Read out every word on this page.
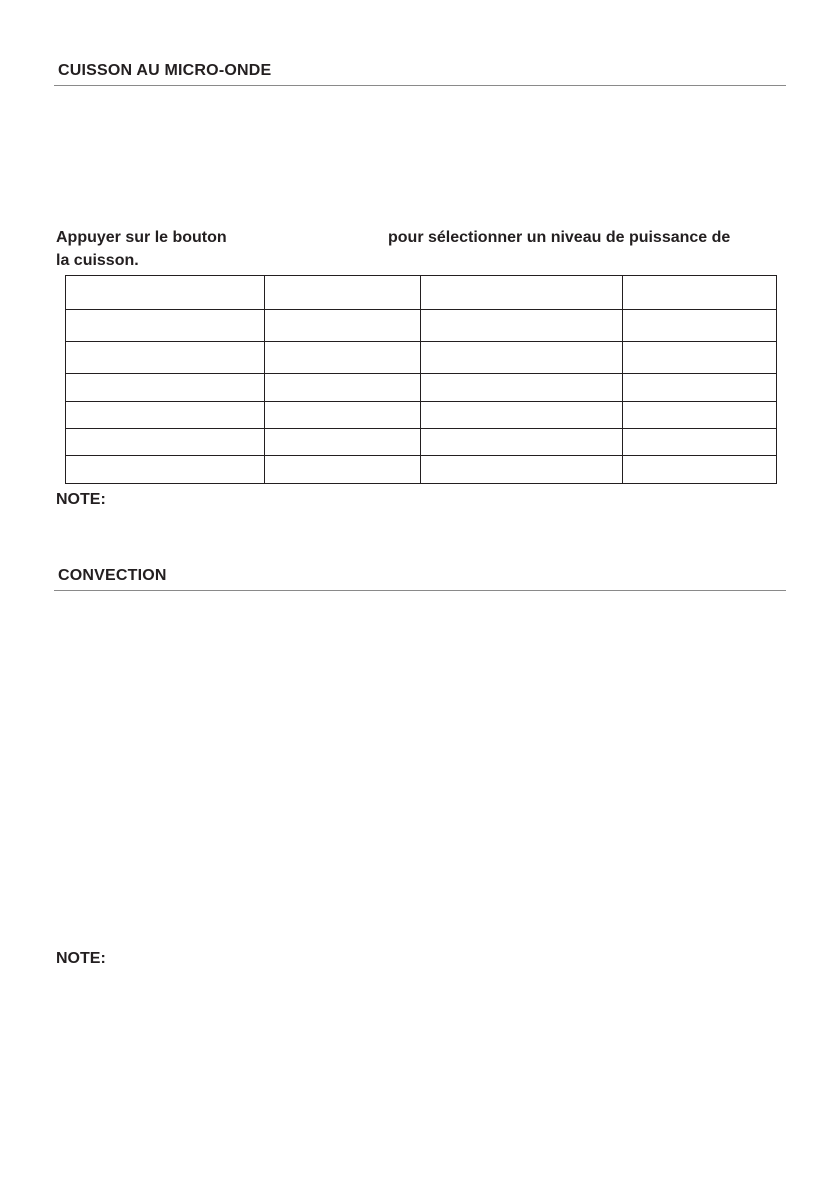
CUISSON AU MICRO-ONDE
Appuyer sur le bouton	pour sélectionner un niveau de puissance de
la cuisson.

NOTE:
CONVECTION
NOTE:
